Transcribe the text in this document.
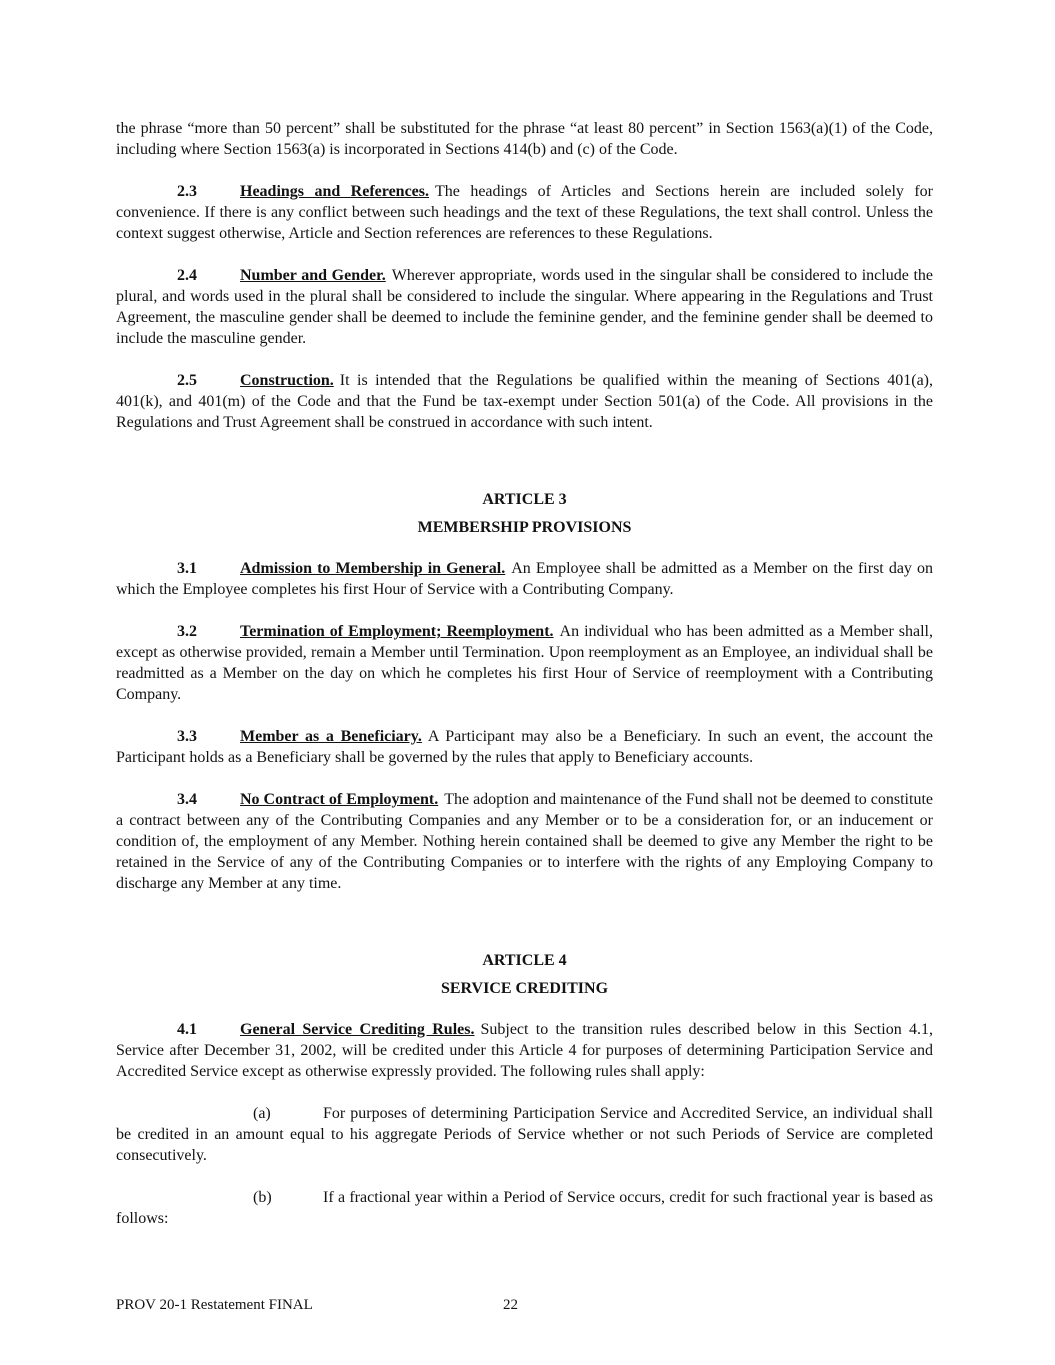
the phrase “more than 50 percent” shall be substituted for the phrase “at least 80 percent” in Section 1563(a)(1) of the Code, including where Section 1563(a) is incorporated in Sections 414(b) and (c) of the Code.

2.3	Headings and References. The headings of Articles and Sections herein are included solely for convenience. If there is any conflict between such headings and the text of these Regulations, the text shall control. Unless the context suggest otherwise, Article and Section references are references to these Regulations.

2.4	Number and Gender. Wherever appropriate, words used in the singular shall be considered to include the plural, and words used in the plural shall be considered to include the singular. Where appearing in the Regulations and Trust Agreement, the masculine gender shall be deemed to include the feminine gender, and the feminine gender shall be deemed to include the masculine gender.

2.5	Construction. It is intended that the Regulations be qualified within the meaning of Sections 401(a), 401(k), and 401(m) of the Code and that the Fund be tax-exempt under Section 501(a) of the Code. All provisions in the Regulations and Trust Agreement shall be construed in accordance with such intent.

ARTICLE 3
MEMBERSHIP PROVISIONS

3.1	Admission to Membership in General. An Employee shall be admitted as a Member on the first day on which the Employee completes his first Hour of Service with a Contributing Company.

3.2	Termination of Employment; Reemployment. An individual who has been admitted as a Member shall, except as otherwise provided, remain a Member until Termination. Upon reemployment as an Employee, an individual shall be readmitted as a Member on the day on which he completes his first Hour of Service of reemployment with a Contributing Company.

3.3	Member as a Beneficiary. A Participant may also be a Beneficiary. In such an event, the account the Participant holds as a Beneficiary shall be governed by the rules that apply to Beneficiary accounts.

3.4	No Contract of Employment. The adoption and maintenance of the Fund shall not be deemed to constitute a contract between any of the Contributing Companies and any Member or to be a consideration for, or an inducement or condition of, the employment of any Member. Nothing herein contained shall be deemed to give any Member the right to be retained in the Service of any of the Contributing Companies or to interfere with the rights of any Employing Company to discharge any Member at any time.

ARTICLE 4
SERVICE CREDITING

4.1	General Service Crediting Rules. Subject to the transition rules described below in this Section 4.1, Service after December 31, 2002, will be credited under this Article 4 for purposes of determining Participation Service and Accredited Service except as otherwise expressly provided. The following rules shall apply:

(a)	For purposes of determining Participation Service and Accredited Service, an individual shall be credited in an amount equal to his aggregate Periods of Service whether or not such Periods of Service are completed consecutively.

(b)	If a fractional year within a Period of Service occurs, credit for such fractional year is based as follows:

PROV 20-1 Restatement FINAL	22
